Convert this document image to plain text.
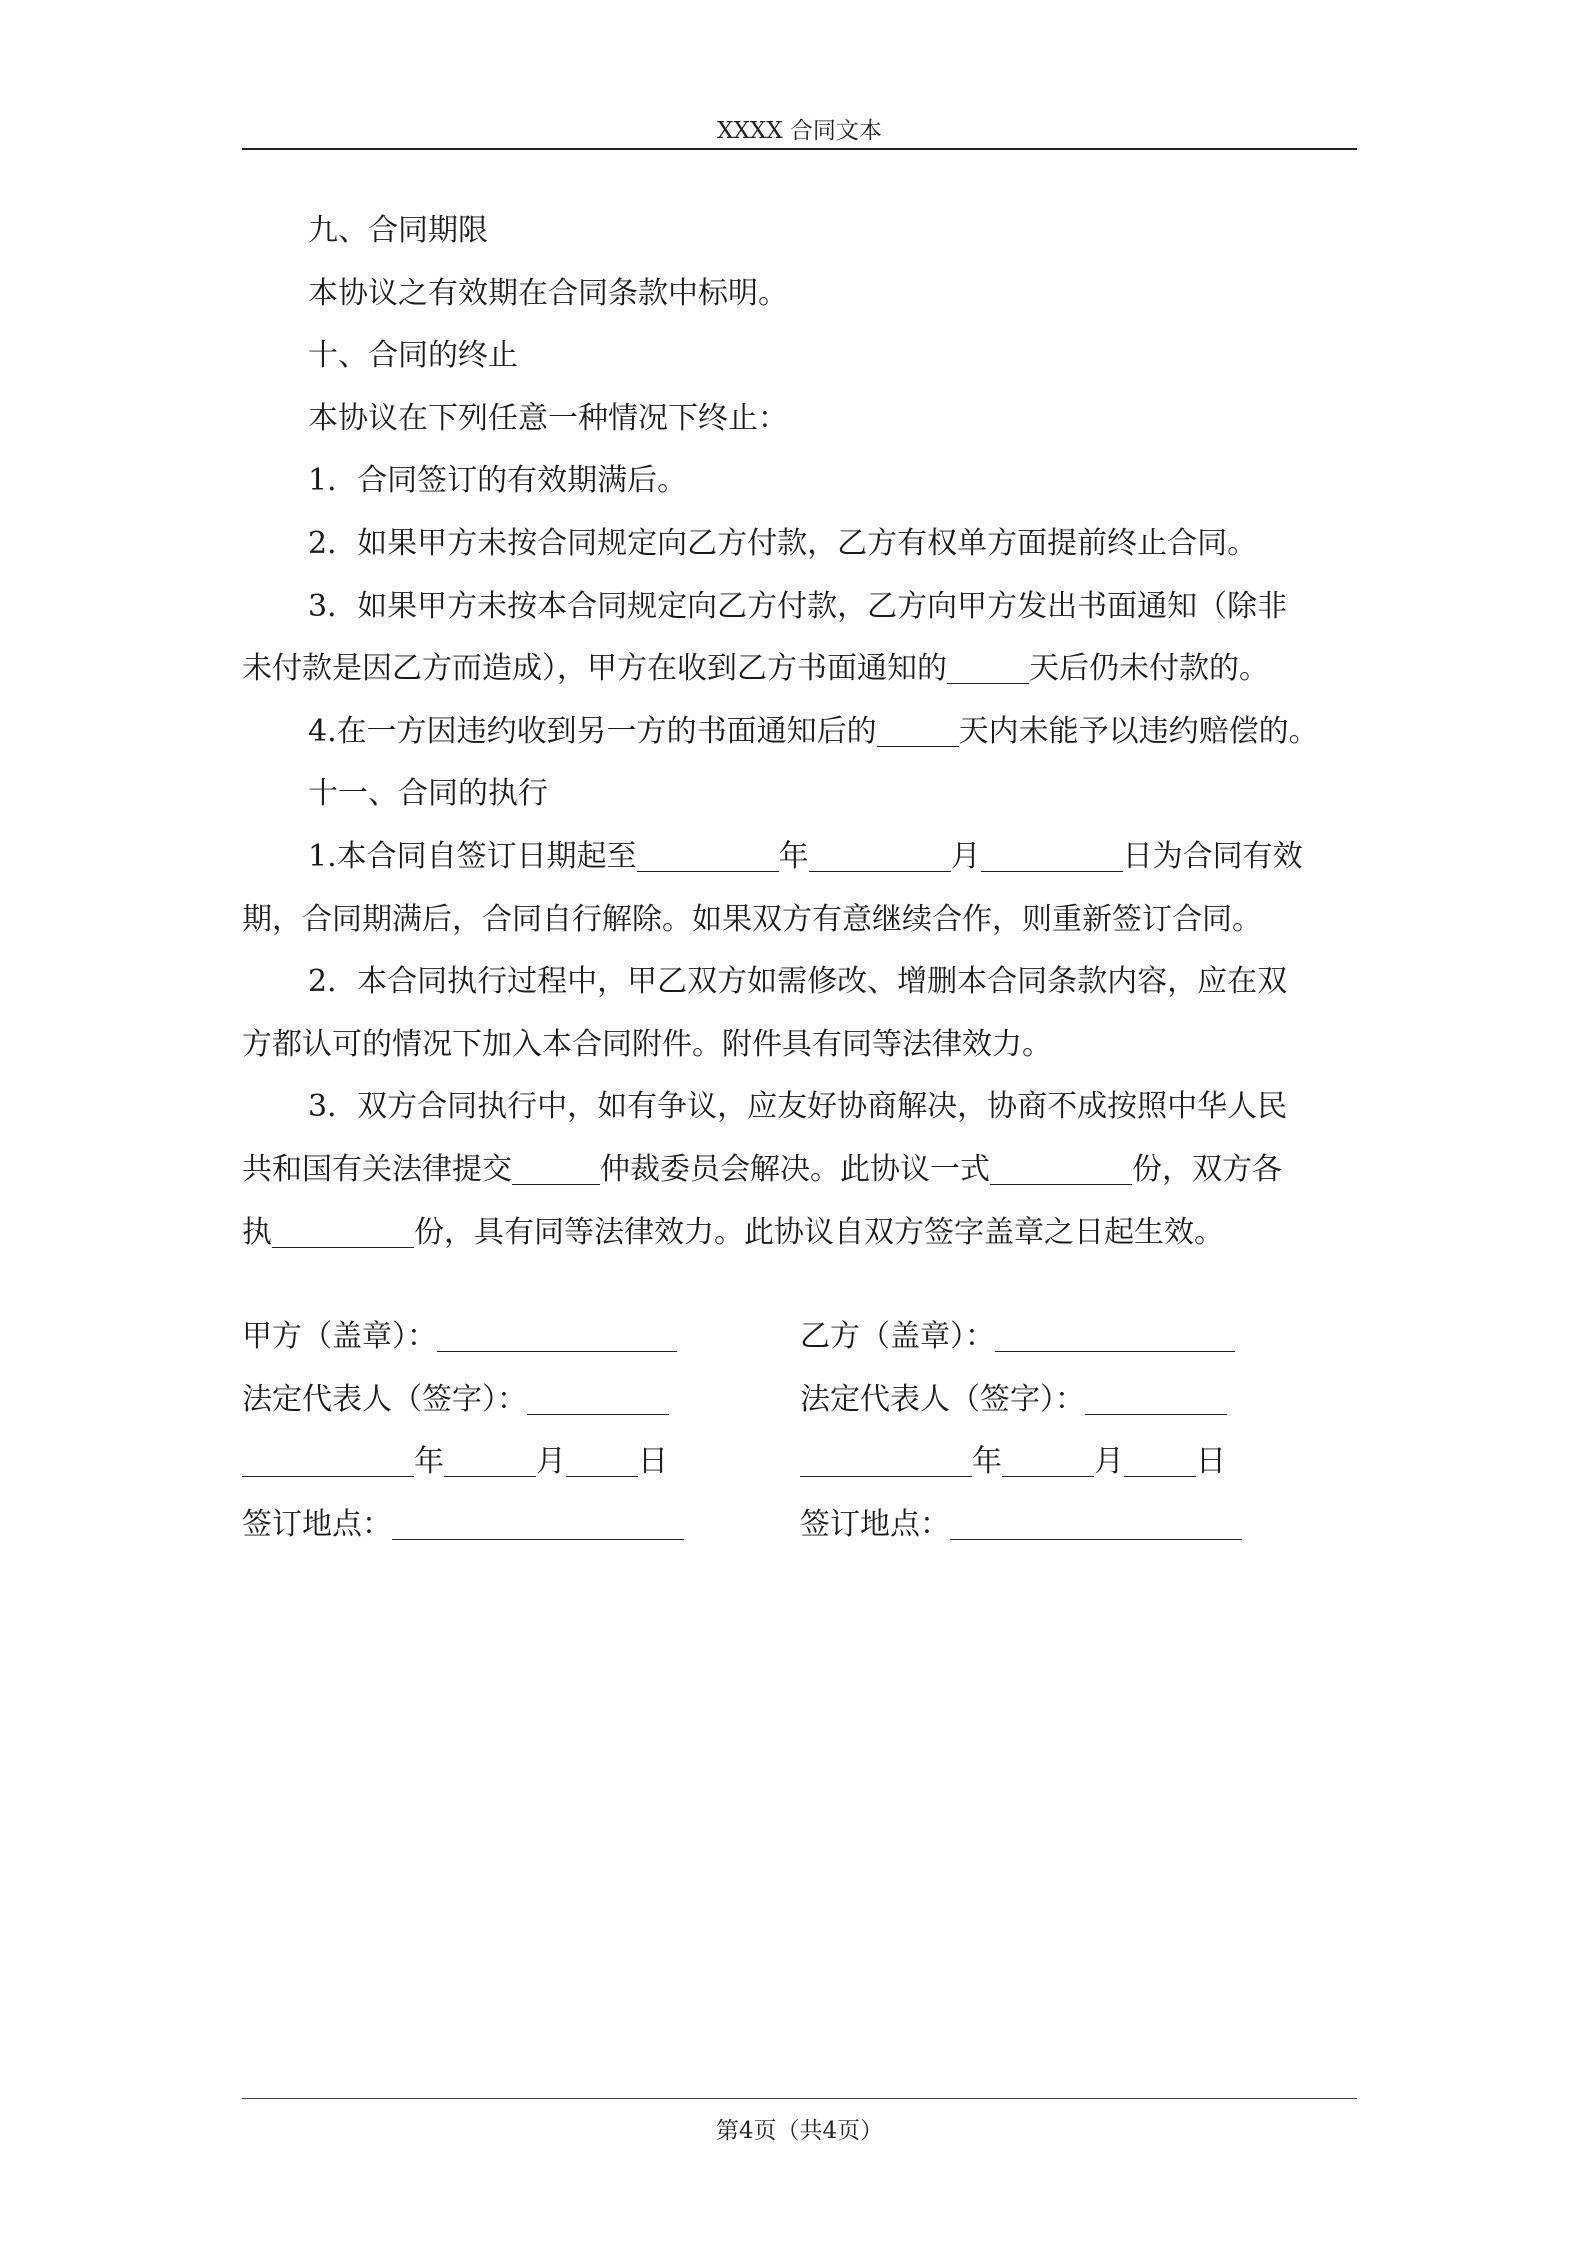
XXXX 合同文本
九、合同期限
本协议之有效期在合同条款中标明。
十、合同的终止
本协议在下列任意一种情况下终止：
1．合同签订的有效期满后。
2．如果甲方未按合同规定向乙方付款，乙方有权单方面提前终止合同。
3．如果甲方未按本合同规定向乙方付款，乙方向甲方发出书面通知（除非
未付款是因乙方而造成），甲方在收到乙方书面通知的	天后仍未付款的。
4.在一方因违约收到另一方的书面通知后的	天内未能予以违约赔偿的。
十一、合同的执行
1.本合同自签订日期起至	年	月	日为合同有效
期，合同期满后，合同自行解除。如果双方有意继续合作，则重新签订合同。
2．本合同执行过程中，甲乙双方如需修改、增删本合同条款内容，应在双
方都认可的情况下加入本合同附件。附件具有同等法律效力。
3．双方合同执行中，如有争议，应友好协商解决，协商不成按照中华人民
共和国有关法律提交	仲裁委员会解决。此协议一式	份，双方各
执	份，具有同等法律效力。此协议自双方签字盖章之日起生效。
甲方（盖章）：	乙方（盖章）：
法定代表人（签字）：	法定代表人（签字）：
年	月 日	年	月 日
签订地点：	签订地点：
第4页（共4页）
